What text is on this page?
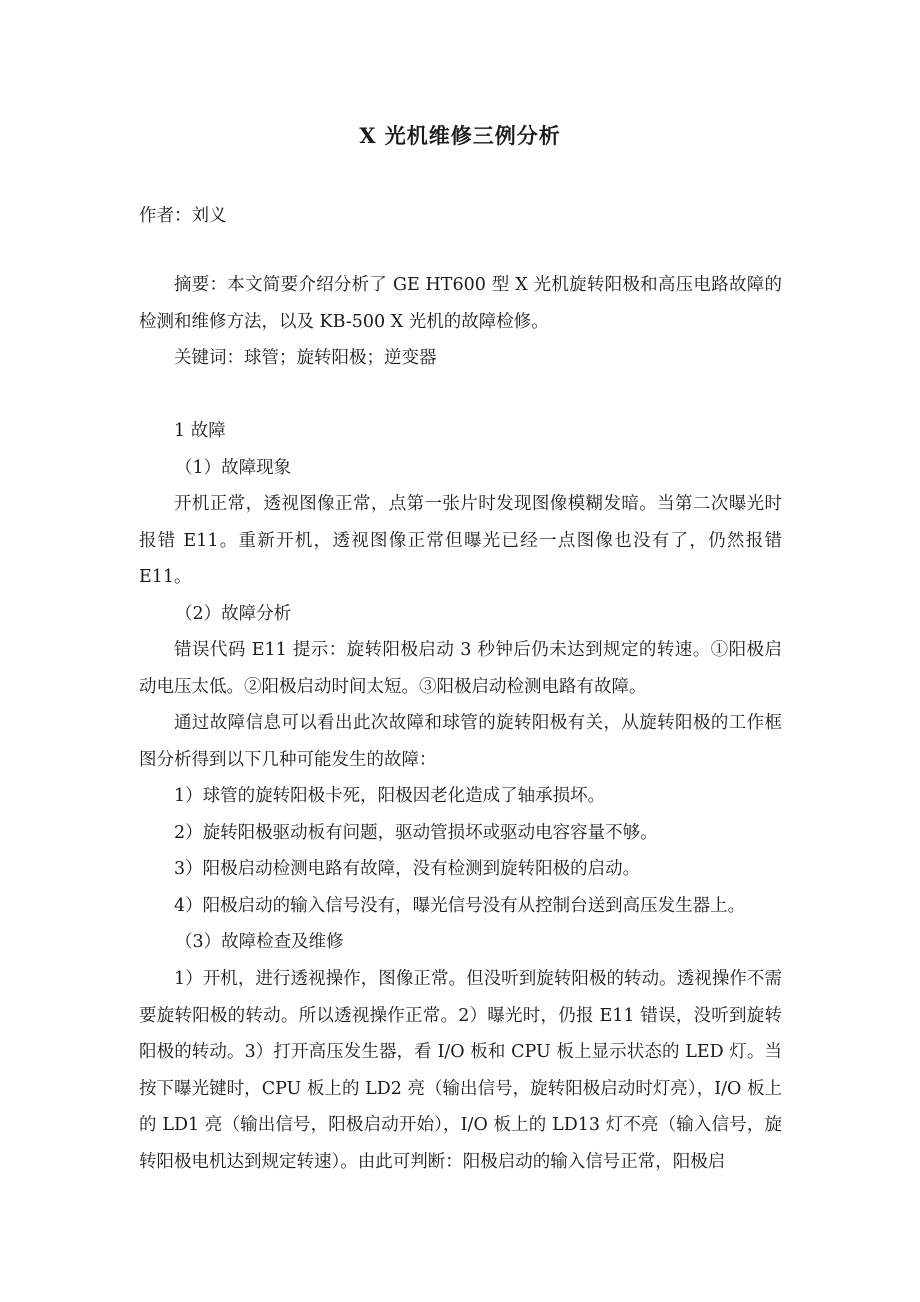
X 光机维修三例分析
作者：刘义
摘要：本文简要介绍分析了 GE HT600 型 X 光机旋转阳极和高压电路故障的检测和维修方法，以及 KB-500 X 光机的故障检修。
关键词：球管；旋转阳极；逆变器
1 故障
（1）故障现象
开机正常，透视图像正常，点第一张片时发现图像模糊发暗。当第二次曝光时报错 E11。重新开机，透视图像正常但曝光已经一点图像也没有了，仍然报错 E11。
（2）故障分析
错误代码 E11 提示：旋转阳极启动 3 秒钟后仍未达到规定的转速。①阳极启动电压太低。②阳极启动时间太短。③阳极启动检测电路有故障。
通过故障信息可以看出此次故障和球管的旋转阳极有关，从旋转阳极的工作框图分析得到以下几种可能发生的故障：
1）球管的旋转阳极卡死，阳极因老化造成了轴承损坏。
2）旋转阳极驱动板有问题，驱动管损坏或驱动电容容量不够。
3）阳极启动检测电路有故障，没有检测到旋转阳极的启动。
4）阳极启动的输入信号没有，曝光信号没有从控制台送到高压发生器上。
（3）故障检查及维修
1）开机，进行透视操作，图像正常。但没听到旋转阳极的转动。透视操作不需要旋转阳极的转动。所以透视操作正常。2）曝光时，仍报 E11 错误，没听到旋转阳极的转动。3）打开高压发生器，看 I/O 板和 CPU 板上显示状态的 LED 灯。当按下曝光键时，CPU 板上的 LD2 亮（输出信号，旋转阳极启动时灯亮），I/O 板上的 LD1 亮（输出信号，阳极启动开始），I/O 板上的 LD13 灯不亮（输入信号，旋转阳极电机达到规定转速）。由此可判断：阳极启动的输入信号正常，阳极启
